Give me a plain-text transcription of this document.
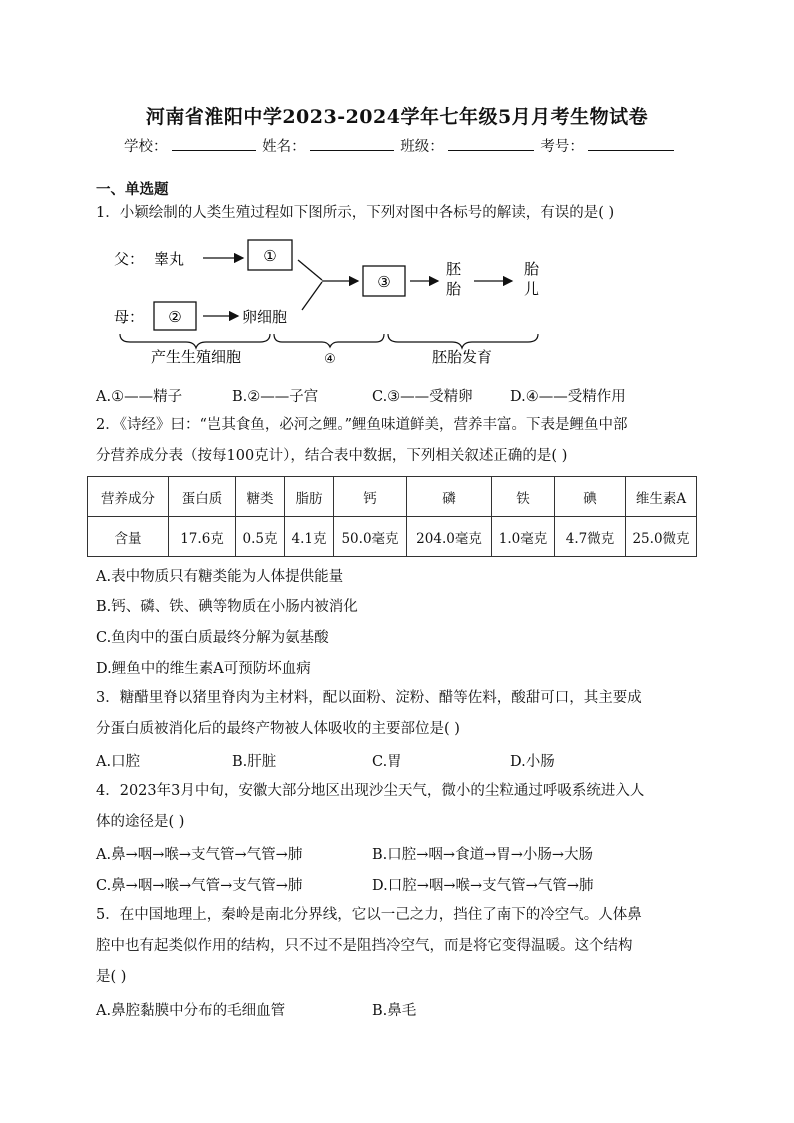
河南省淮阳中学2023-2024学年七年级5月月考生物试卷
学校：	姓名：	班级：	考号：
一、单选题
1．小颖绘制的人类生殖过程如下图所示，下列对图中各标号的解读，有误的是( )
父： 睾丸	①
母： ②	卵细胞
③
胚
胎
胎
儿
产生生殖细胞	④	胚胎发育
A.①——精子	B.②——子宫	C.③——受精卵	D.④——受精作用
2．《诗经》曰：“岂其食鱼，必河之鲤。”鲤鱼味道鲜美，营养丰富。下表是鲤鱼中部
分营养成分表（按每100克计），结合表中数据，下列相关叙述正确的是( )
营养成分	蛋白质	糖类	脂肪	钙	磷	铁	碘	维生素A
含量	17.6克	0.5克	4.1克	50.0毫克	204.0毫克	1.0毫克	4.7微克	25.0微克
A.表中物质只有糖类能为人体提供能量
B.钙、磷、铁、碘等物质在小肠内被消化
C.鱼肉中的蛋白质最终分解为氨基酸
D.鲤鱼中的维生素A可预防坏血病
3．糖醋里脊以猪里脊肉为主材料，配以面粉、淀粉、醋等佐料，酸甜可口，其主要成
分蛋白质被消化后的最终产物被人体吸收的主要部位是( )
A.口腔	B.肝脏	C.胃	D.小肠
4．2023年3月中旬，安徽大部分地区出现沙尘天气，微小的尘粒通过呼吸系统进入人
体的途径是( )
A.鼻→咽→喉→支气管→气管→肺	B.口腔→咽→食道→胃→小肠→大肠
C.鼻→咽→喉→气管→支气管→肺	D.口腔→咽→喉→支气管→气管→肺
5．在中国地理上，秦岭是南北分界线，它以一己之力，挡住了南下的冷空气。人体鼻
腔中也有起类似作用的结构，只不过不是阻挡冷空气，而是将它变得温暖。这个结构
是( )
A.鼻腔黏膜中分布的毛细血管	B.鼻毛
